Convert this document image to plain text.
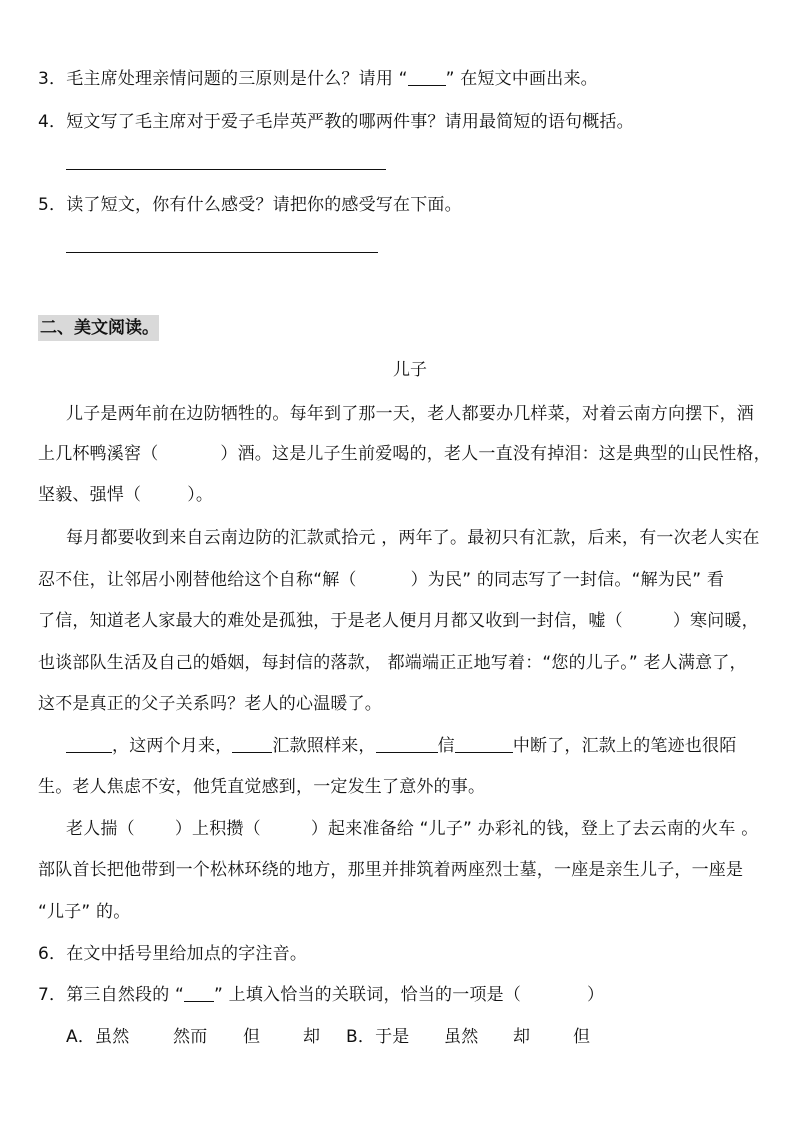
3．毛主席处理亲情问题的三原则是什么？请用 “ ” 在短文中画出来。
4．短文写了毛主席对于爱子毛岸英严教的哪两件事？请用最简短的语句概括。
5．读了短文，你有什么感受？请把你的感受写在下面。
二、美文阅读。
儿子
儿子是两年前在边防牺牲的。每年到了那一天，老人都要办几样菜，对着云南方向摆下，酒
上几杯鸭溪窖（	）酒。这是儿子生前爱喝的，老人一直没有掉泪：这是典型的山民性格，
坚毅、强悍（	）。
每月都要收到来自云南边防的汇款贰拾元 ，两年了。最初只有汇款，后来，有一次老人实在
忍不住，让邻居小刚替他给这个自称“解（	）为民” 的同志写了一封信。“解为民” 看
了信，知道老人家最大的难处是孤独，于是老人便月月都又收到一封信，嘘（	）寒问暖，
也谈部队生活及自己的婚姻，每封信的落款， 都端端正正地写着：“您的儿子。” 老人满意了，
这不是真正的父子关系吗？老人的心温暖了。
，这两个月来， 汇款照样来，	信	中断了，汇款上的笔迹也很陌
生。老人焦虑不安，他凭直觉感到，一定发生了意外的事。
老人揣（ ）上积攒（	）起来准备给 “儿子” 办彩礼的钱，登上了去云南的火车 。
部队首长把他带到一个松林环绕的地方，那里并排筑着两座烈士墓，一座是亲生儿子，一座是
“儿子” 的。
6．在文中括号里给加点的字注音。
7．第三自然段的 “ ” 上填入恰当的关联词，恰当的一项是（	）
A．虽然	然而 但	却 B．于是 虽然 却	但
